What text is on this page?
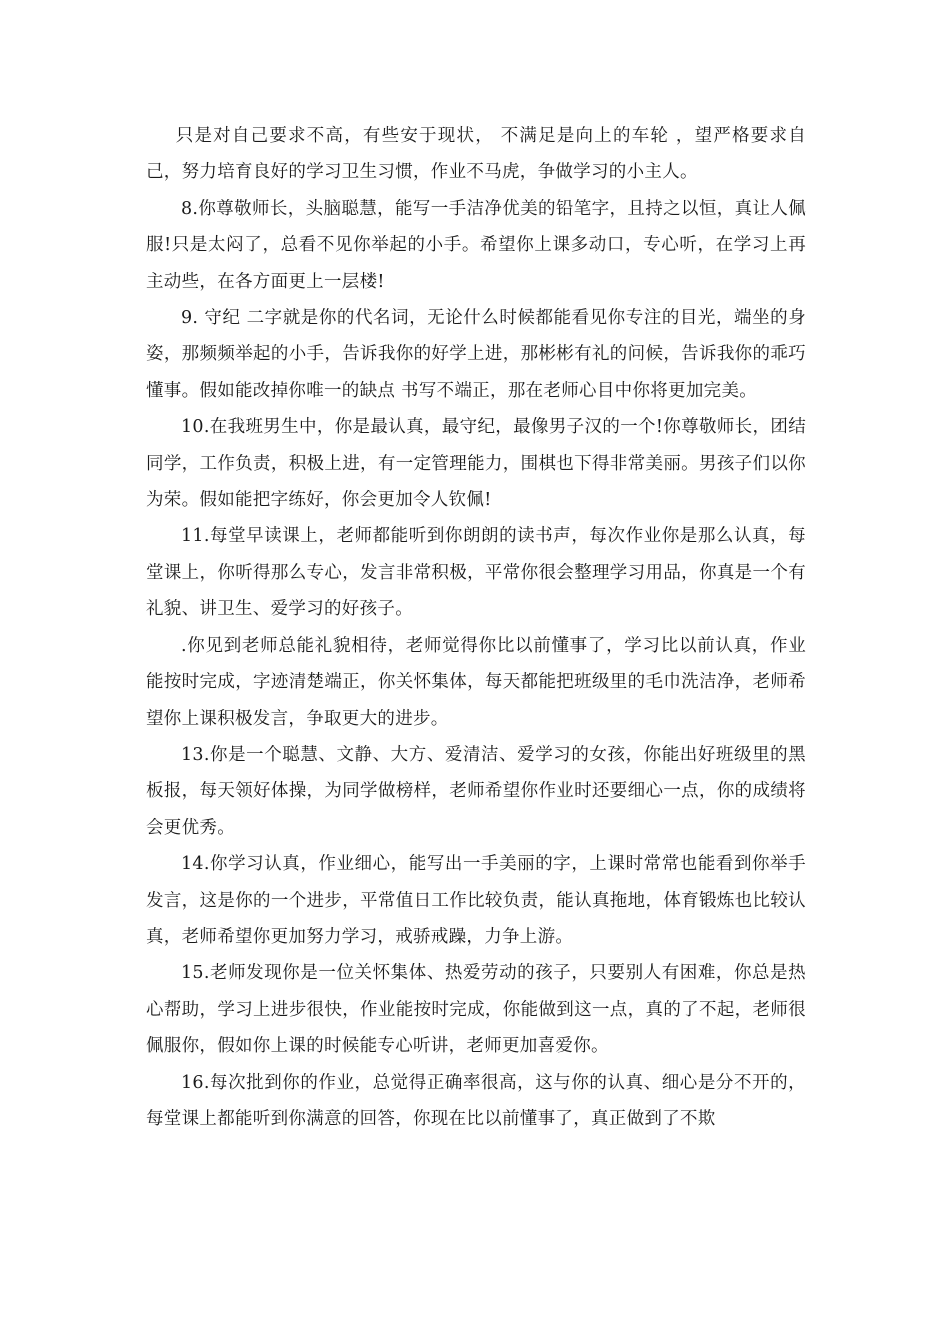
只是对自己要求不高，有些安于现状， 不满足是向上的车轮 ，望严格要求自己，努力培育良好的学习卫生习惯，作业不马虎，争做学习的小主人。

8.你尊敬师长，头脑聪慧，能写一手洁净优美的铅笔字，且持之以恒，真让人佩服!只是太闷了，总看不见你举起的小手。希望你上课多动口，专心听，在学习上再主动些，在各方面更上一层楼!

9. 守纪 二字就是你的代名词，无论什么时候都能看见你专注的目光，端坐的身姿，那频频举起的小手，告诉我你的好学上进，那彬彬有礼的问候，告诉我你的乖巧懂事。假如能改掉你唯一的缺点 书写不端正，那在老师心目中你将更加完美。

10.在我班男生中，你是最认真，最守纪，最像男子汉的一个!你尊敬师长，团结同学，工作负责，积极上进，有一定管理能力，围棋也下得非常美丽。男孩子们以你为荣。假如能把字练好，你会更加令人钦佩!

11.每堂早读课上，老师都能听到你朗朗的读书声，每次作业你是那么认真，每堂课上，你听得那么专心，发言非常积极，平常你很会整理学习用品，你真是一个有礼貌、讲卫生、爱学习的好孩子。

.你见到老师总能礼貌相待，老师觉得你比以前懂事了，学习比以前认真，作业能按时完成，字迹清楚端正，你关怀集体，每天都能把班级里的毛巾洗洁净，老师希望你上课积极发言，争取更大的进步。

13.你是一个聪慧、文静、大方、爱清洁、爱学习的女孩，你能出好班级里的黑板报，每天领好体操，为同学做榜样，老师希望你作业时还要细心一点，你的成绩将会更优秀。

14.你学习认真，作业细心，能写出一手美丽的字，上课时常常也能看到你举手发言，这是你的一个进步，平常值日工作比较负责，能认真拖地，体育锻炼也比较认真，老师希望你更加努力学习，戒骄戒躁，力争上游。

15.老师发现你是一位关怀集体、热爱劳动的孩子，只要别人有困难，你总是热心帮助，学习上进步很快，作业能按时完成，你能做到这一点，真的了不起，老师很佩服你，假如你上课的时候能专心听讲，老师更加喜爱你。

16.每次批到你的作业，总觉得正确率很高，这与你的认真、细心是分不开的，每堂课上都能听到你满意的回答，你现在比以前懂事了，真正做到了不欺
